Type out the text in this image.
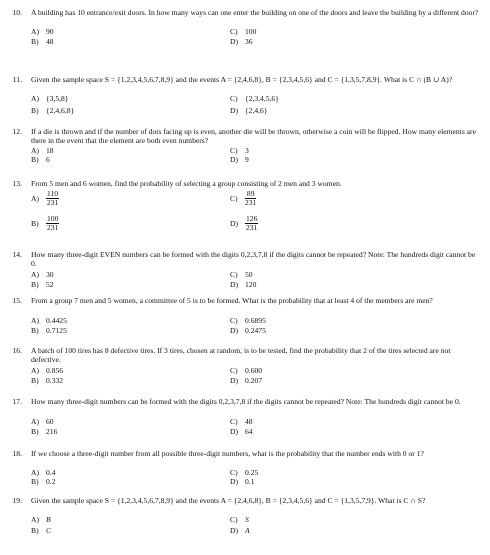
10. A building has 10 entrance/exit doors. In how many ways can one enter the building on one of the doors and leave the building by a different door?
A) 90	C) 100
B) 48	D) 36
11. Given the sample space S = {1,2,3,4,5,6,7,8,9} and the events A = {2,4,6,8}, B = {2,3,4,5,6} and C = {1,3,5,7,8,9}. What is C ∩ (B ∪ A)?
A) {3,5,8}	C) {2,3,4,5,6}
B) {2,4,6,8}	D) {2,4,6}
12. If a die is thrown and if the number of dots facing up is even, another die will be thrown, otherwise a coin will be flipped. How many elements are there in the event that the element are both even numbers?
A) 18	C) 3
B) 6	D) 9
13. From 5 men and 6 women, find the probability of selecting a group consisting of 2 men and 3 women.
$A) \frac{110}{231}$	$C) \frac{89}{231}$
$B) \frac{100}{231}$	$D) \frac{126}{231}$
14. How many three-digit EVEN numbers can be formed with the digits 0,2,3,7,8 if the digits cannot be repeated? Note: The hundreds digit cannot be 0.
A) 30	C) 50
B) 52	D) 120
15. From a group 7 men and 5 women, a committee of 5 is to be formed. What is the probability that at least 4 of the members are men?
A) 0.4425	C) 0.6895
B) 0.7125	D) 0.2475
16. A batch of 100 tires has 8 defective tires. If 3 tires, chosen at random, is to be tested, find the probability that 2 of the tires selected are not defective.
A) 0.856	C) 0.600
B) 0.332	D) 0.207
17. How many three-digit numbers can be formed with the digits 0,2,3,7,8 if the digits cannot be repeated? Note: The hundreds digit cannot be 0.
A) 60	C) 48
B) 216	D) 64
18. If we choose a three-digit number from all possible three-digit numbers, what is the probability that the number ends with 0 or 1?
A) 0.4	C) 0.25
B) 0.2	D) 0.1
19. Given the sample space S = {1,2,3,4,5,6,7,8,9} and the events A = {2,4,6,8}, B = {2,3,4,5,6} and C = {1,3,5,7,9}. What is C ∩ S?
A) B	C) S
B) C	D) A
